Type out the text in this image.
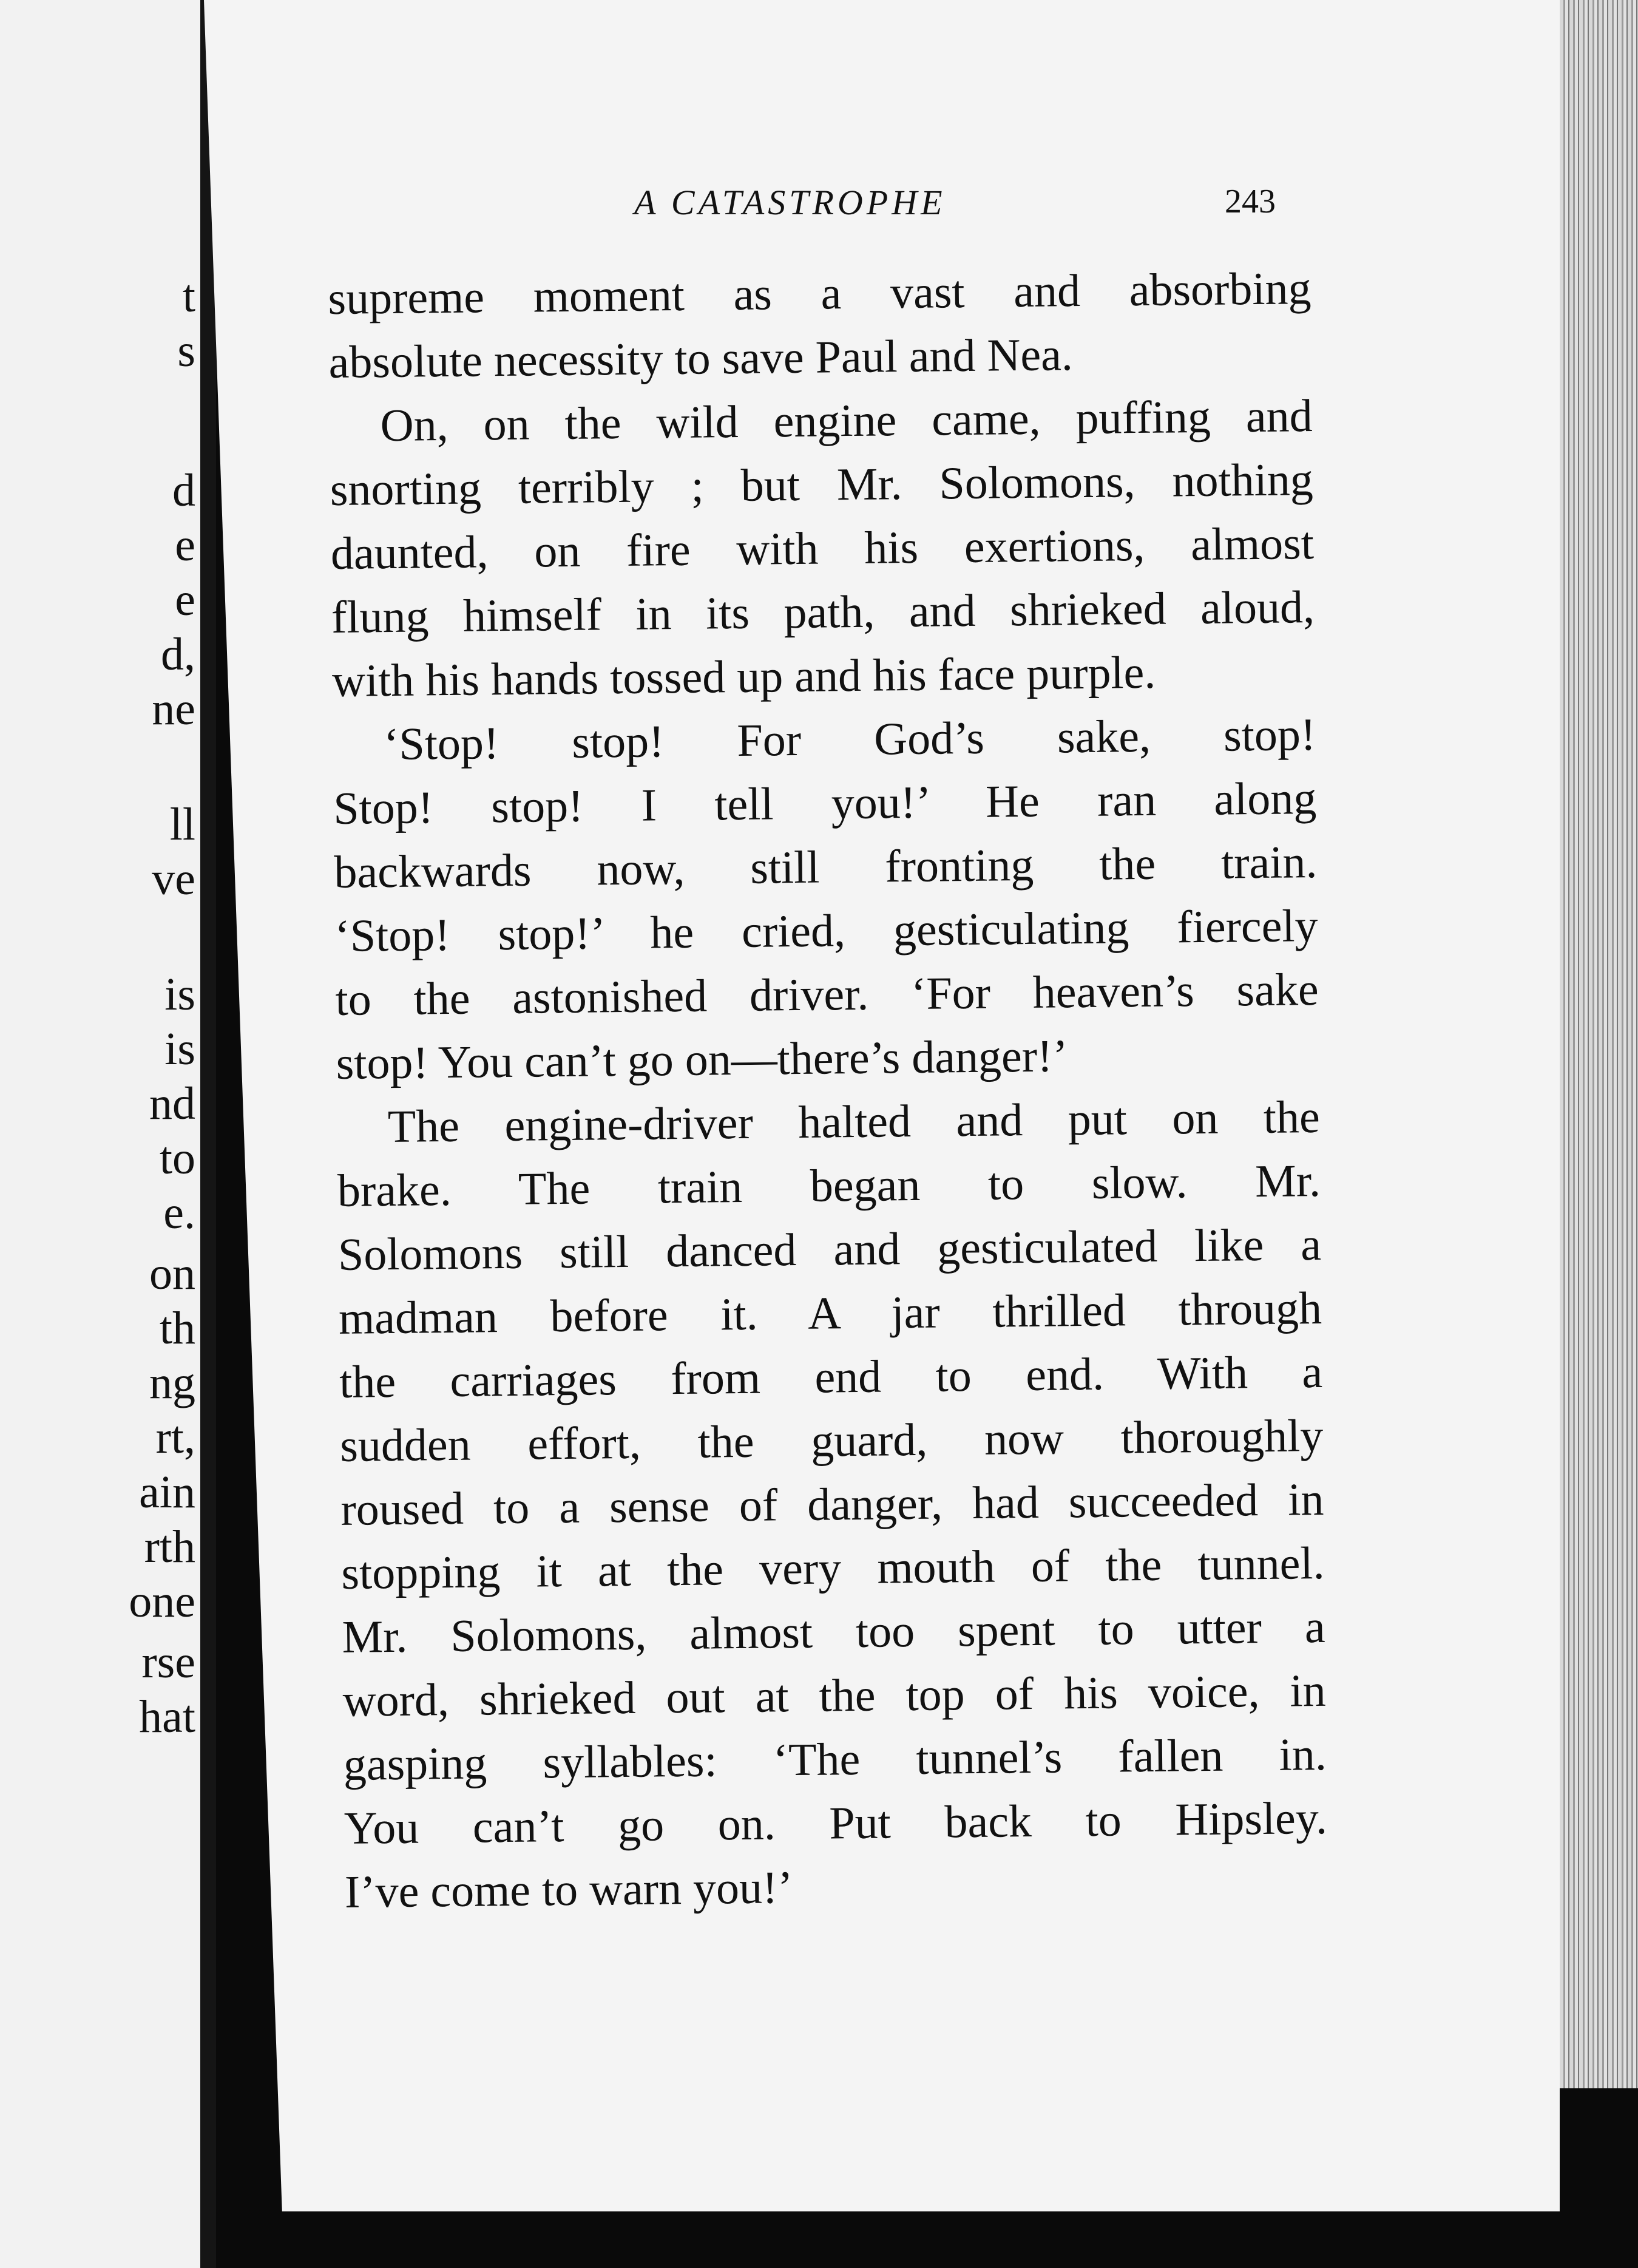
t
s
d
e
e
d,
ne
ll
ve
is
is
nd
to
e.
on
th
ng
rt,
ain
rth
one
rse
hat
A CATASTROPHE	243
supreme moment as a vast and absorbing
absolute necessity to save Paul and Nea.
On, on the wild engine came, puffing and
snorting terribly ; but Mr. Solomons, nothing
daunted, on fire with his exertions, almost
flung himself in its path, and shrieked aloud,
with his hands tossed up and his face purple.
‘Stop! stop! For God’s sake, stop!
Stop! stop! I tell you!’ He ran along
backwards now, still fronting the train.
‘Stop! stop!’ he cried, gesticulating fiercely
to the astonished driver. ‘For heaven’s sake
stop! You can’t go on—there’s danger!’
The engine-driver halted and put on the
brake. The train began to slow. Mr.
Solomons still danced and gesticulated like a
madman before it. A jar thrilled through
the carriages from end to end. With a
sudden effort, the guard, now thoroughly
roused to a sense of danger, had succeeded in
stopping it at the very mouth of the tunnel.
Mr. Solomons, almost too spent to utter a
word, shrieked out at the top of his voice, in
gasping syllables: ‘The tunnel’s fallen in.
You can’t go on. Put back to Hipsley.
I’ve come to warn you!’
